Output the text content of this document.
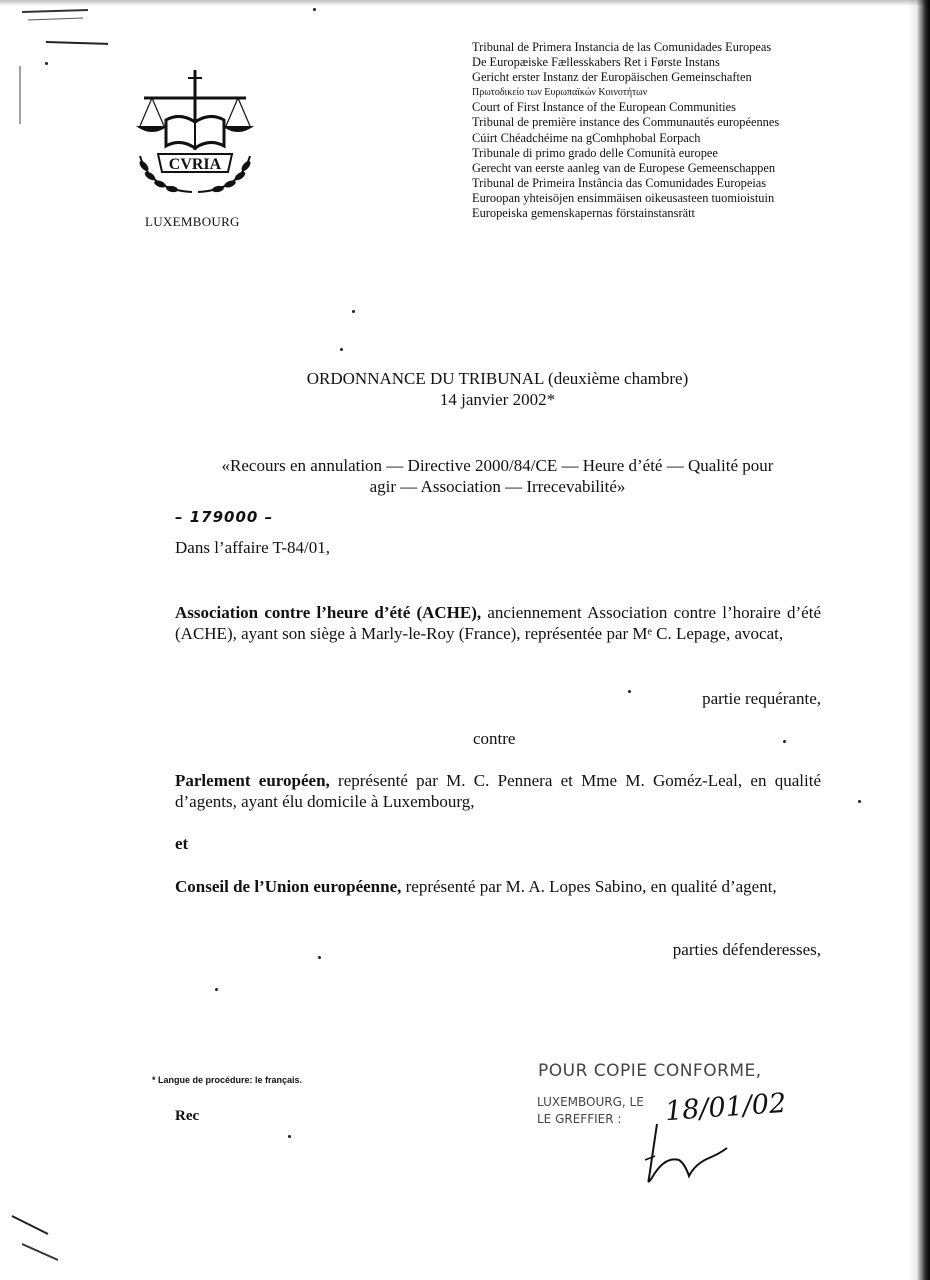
CVRIA
LUXEMBOURG
Tribunal de Primera Instancia de las Comunidades Europeas
De Europæiske Fællesskabers Ret i Første Instans
Gericht erster Instanz der Europäischen Gemeinschaften
Πρωτοδικείο των Ευρωπαϊκών Κοινοτήτων
Court of First Instance of the European Communities
Tribunal de première instance des Communautés européennes
Cúirt Chéadchéime na gComhphobal Eorpach
Tribunale di primo grado delle Comunità europee
Gerecht van eerste aanleg van de Europese Gemeenschappen
Tribunal de Primeira Instância das Comunidades Europeias
Euroopan yhteisöjen ensimmäisen oikeusasteen tuomioistuin
Europeiska gemenskapernas förstainstansrätt
ORDONNANCE DU TRIBUNAL (deuxième chambre)
14 janvier 2002*
«Recours en annulation — Directive 2000/84/CE — Heure d’été — Qualité pour
agir — Association — Irrecevabilité»
– 179000 –
Dans l’affaire T-84/01,
Association contre l’heure d’été (ACHE), anciennement Association contre l’horaire d’été (ACHE), ayant son siège à Marly-le-Roy (France), représentée par Mᵉ C. Lepage, avocat,
partie requérante,
contre
Parlement européen, représenté par M. C. Pennera et Mme M. Goméz-Leal, en qualité d’agents, ayant élu domicile à Luxembourg,
et
Conseil de l’Union européenne, représenté par M. A. Lopes Sabino, en qualité d’agent,
parties défenderesses,
* Langue de procédure: le français.
Rec
POUR COPIE CONFORME,
LUXEMBOURG, LE
LE GREFFIER : 18/01/02
